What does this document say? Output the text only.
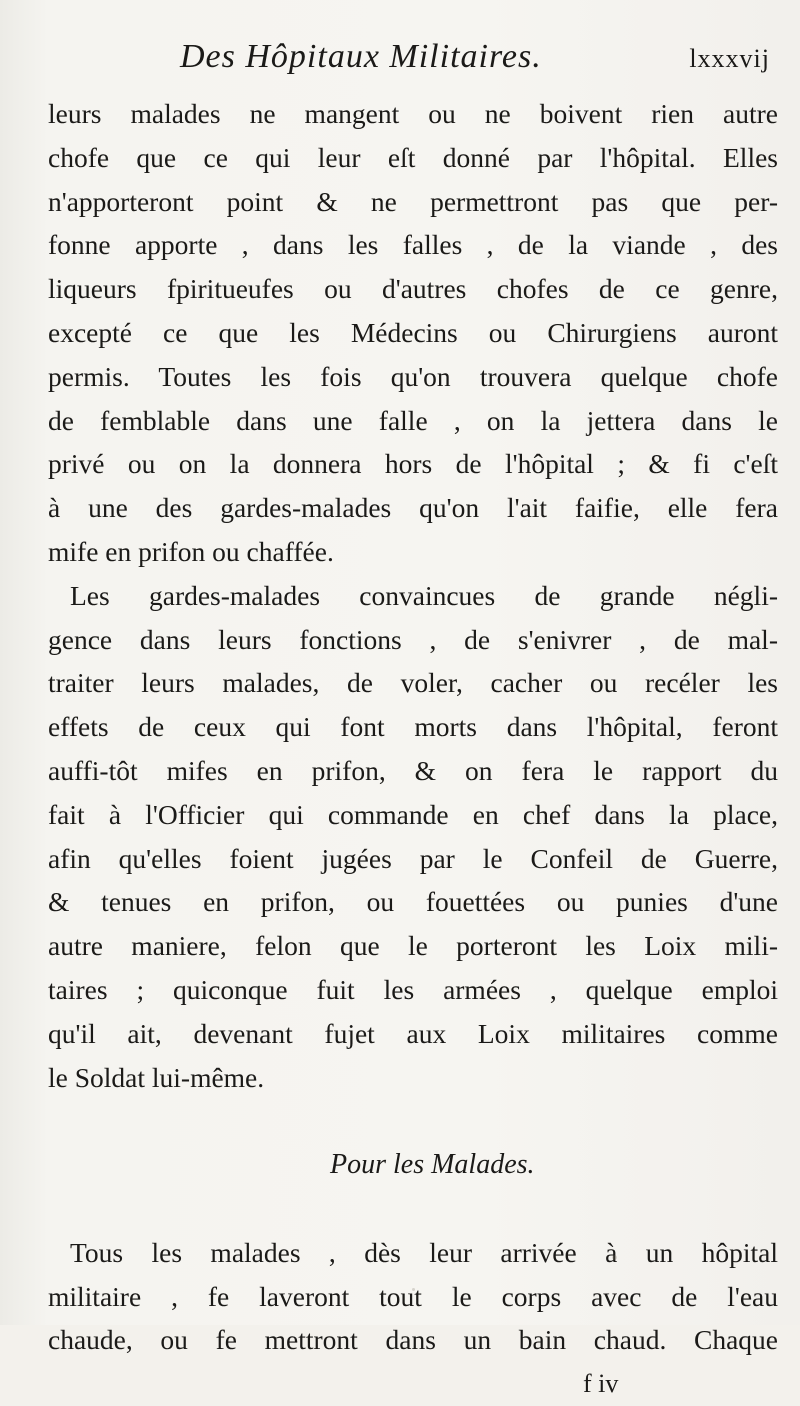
Des Hôpitaux Militaires.	lxxxvij
leurs malades ne mangent ou ne boivent rien autre
chofe que ce qui leur eſt donné par l'hôpital. Elles
n'apporteront point & ne permettront pas que per-
fonne apporte , dans les falles , de la viande , des
liqueurs fpiritueufes ou d'autres chofes de ce genre,
excepté ce que les Médecins ou Chirurgiens auront
permis. Toutes les fois qu'on trouvera quelque chofe
de femblable dans une falle , on la jettera dans le
privé ou on la donnera hors de l'hôpital ; & fi c'eſt
à une des gardes-malades qu'on l'ait faifie, elle fera
mife en prifon ou chaffée.
Les gardes-malades convaincues de grande négli-
gence dans leurs fonctions , de s'enivrer , de mal-
traiter leurs malades, de voler, cacher ou recéler les
effets de ceux qui font morts dans l'hôpital, feront
auffi-tôt mifes en prifon, & on fera le rapport du
fait à l'Officier qui commande en chef dans la place,
afin qu'elles foient jugées par le Confeil de Guerre,
& tenues en prifon, ou fouettées ou punies d'une
autre maniere, felon que le porteront les Loix mili-
taires ; quiconque fuit les armées , quelque emploi
qu'il ait, devenant fujet aux Loix militaires comme
le Soldat lui-même.
Pour les Malades.
Tous les malades , dès leur arrivée à un hôpital
militaire , fe laveront tout le corps avec de l'eau
chaude, ou fe mettront dans un bain chaud. Chaque
f iv
